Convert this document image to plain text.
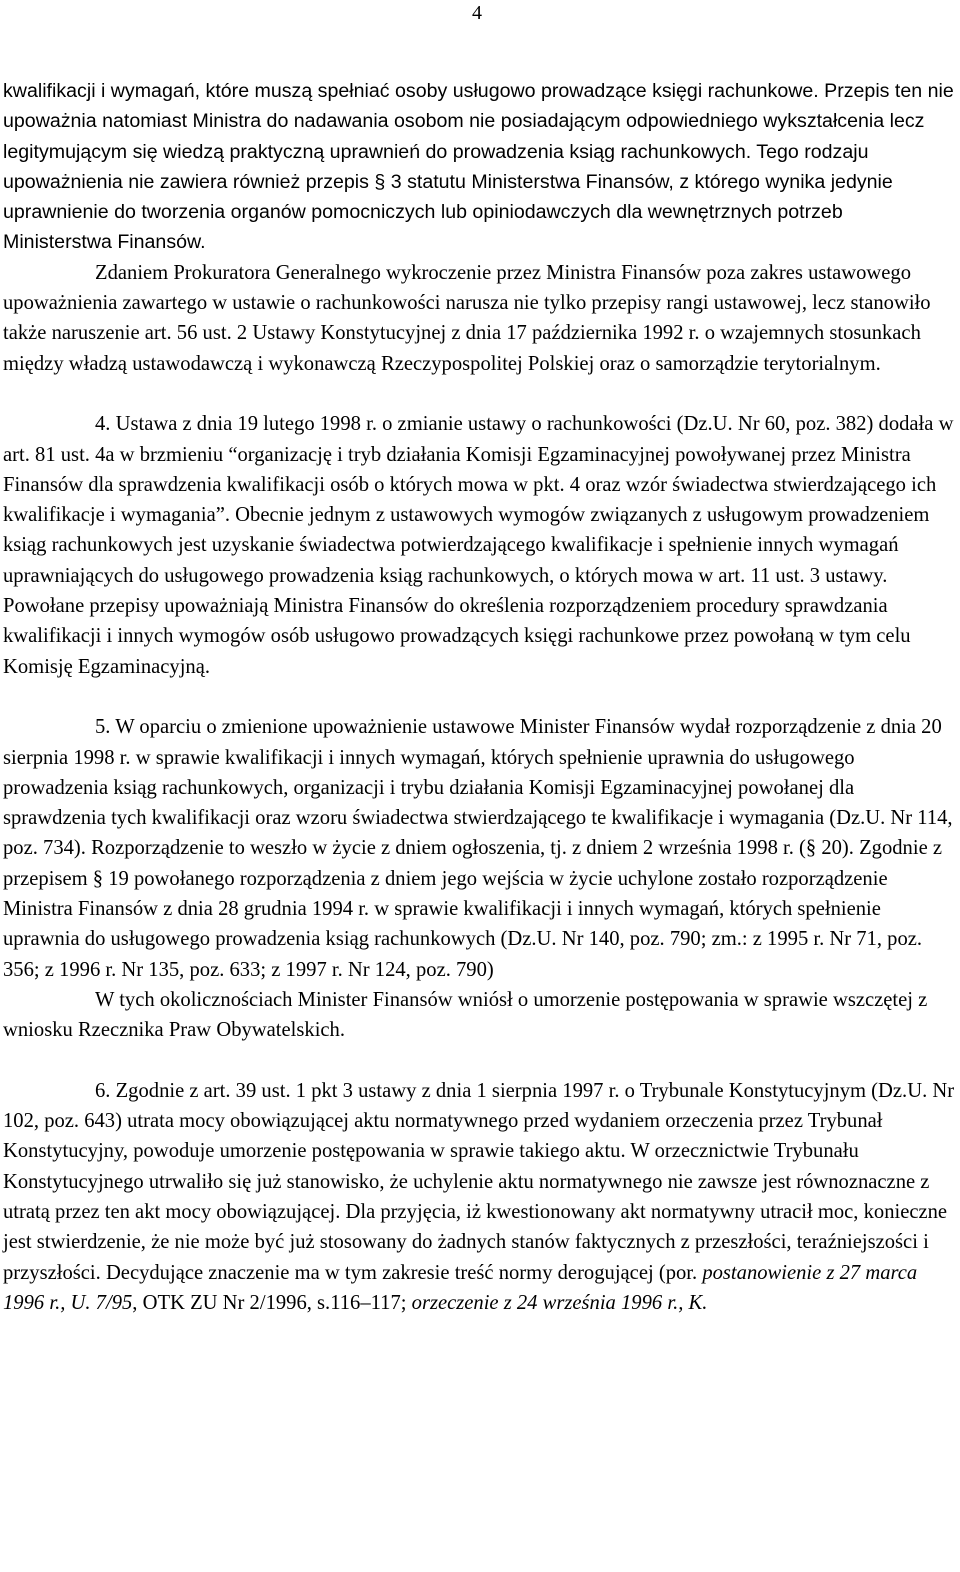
4

kwalifikacji i wymagań, które muszą spełniać osoby usługowo prowadzące księgi rachunkowe. Przepis ten nie upoważnia natomiast Ministra do nadawania osobom nie posiadającym odpowiedniego wykształcenia lecz legitymującym się wiedzą praktyczną uprawnień do prowadzenia ksiąg rachunkowych. Tego rodzaju upoważnienia nie zawiera również przepis § 3 statutu Ministerstwa Finansów, z którego wynika jedynie uprawnienie do tworzenia organów pomocniczych lub opiniodawczych dla wewnętrznych potrzeb Ministerstwa Finansów.

Zdaniem Prokuratora Generalnego wykroczenie przez Ministra Finansów poza zakres ustawowego upoważnienia zawartego w ustawie o rachunkowości narusza nie tylko przepisy rangi ustawowej, lecz stanowiło także naruszenie art. 56 ust. 2 Ustawy Konstytucyjnej z dnia 17 października 1992 r. o wzajemnych stosunkach między władzą ustawodawczą i wykonawczą Rzeczypospolitej Polskiej oraz o samorządzie terytorialnym.

4. Ustawa z dnia 19 lutego 1998 r. o zmianie ustawy o rachunkowości (Dz.U. Nr 60, poz. 382) dodała w art. 81 ust. 4a w brzmieniu “organizację i tryb działania Komisji Egzaminacyjnej powoływanej przez Ministra Finansów dla sprawdzenia kwalifikacji osób o których mowa w pkt. 4 oraz wzór świadectwa stwierdzającego ich kwalifikacje i wymagania”. Obecnie jednym z ustawowych wymogów związanych z usługowym prowadzeniem ksiąg rachunkowych jest uzyskanie świadectwa potwierdzającego kwalifikacje i spełnienie innych wymagań uprawniających do usługowego prowadzenia ksiąg rachunkowych, o których mowa w art. 11 ust. 3 ustawy. Powołane przepisy upoważniają Ministra Finansów do określenia rozporządzeniem procedury sprawdzania kwalifikacji i innych wymogów osób usługowo prowadzących księgi rachunkowe przez powołaną w tym celu Komisję Egzaminacyjną.

5. W oparciu o zmienione upoważnienie ustawowe Minister Finansów wydał rozporządzenie z dnia 20 sierpnia 1998 r. w sprawie kwalifikacji i innych wymagań, których spełnienie uprawnia do usługowego prowadzenia ksiąg rachunkowych, organizacji i trybu działania Komisji Egzaminacyjnej powołanej dla sprawdzenia tych kwalifikacji oraz wzoru świadectwa stwierdzającego te kwalifikacje i wymagania (Dz.U. Nr 114, poz. 734). Rozporządzenie to weszło w życie z dniem ogłoszenia, tj. z dniem 2 września 1998 r. (§ 20). Zgodnie z przepisem § 19 powołanego rozporządzenia z dniem jego wejścia w życie uchylone zostało rozporządzenie Ministra Finansów z dnia 28 grudnia 1994 r. w sprawie kwalifikacji i innych wymagań, których spełnienie uprawnia do usługowego prowadzenia ksiąg rachunkowych (Dz.U. Nr 140, poz. 790; zm.: z 1995 r. Nr 71, poz. 356; z 1996 r. Nr 135, poz. 633; z 1997 r. Nr 124, poz. 790)

W tych okolicznościach Minister Finansów wniósł o umorzenie postępowania w sprawie wszczętej z wniosku Rzecznika Praw Obywatelskich.

6. Zgodnie z art. 39 ust. 1 pkt 3 ustawy z dnia 1 sierpnia 1997 r. o Trybunale Konstytucyjnym (Dz.U. Nr 102, poz. 643) utrata mocy obowiązującej aktu normatywnego przed wydaniem orzeczenia przez Trybunał Konstytucyjny, powoduje umorzenie postępowania w sprawie takiego aktu. W orzecznictwie Trybunału Konstytucyjnego utrwaliło się już stanowisko, że uchylenie aktu normatywnego nie zawsze jest równoznaczne z utratą przez ten akt mocy obowiązującej. Dla przyjęcia, iż kwestionowany akt normatywny utracił moc, konieczne jest stwierdzenie, że nie może być już stosowany do żadnych stanów faktycznych z przeszłości, teraźniejszości i przyszłości. Decydujące znaczenie ma w tym zakresie treść normy derogującej (por. postanowienie z 27 marca 1996 r., U. 7/95, OTK ZU Nr 2/1996, s.116–117; orzeczenie z 24 września 1996 r., K.
